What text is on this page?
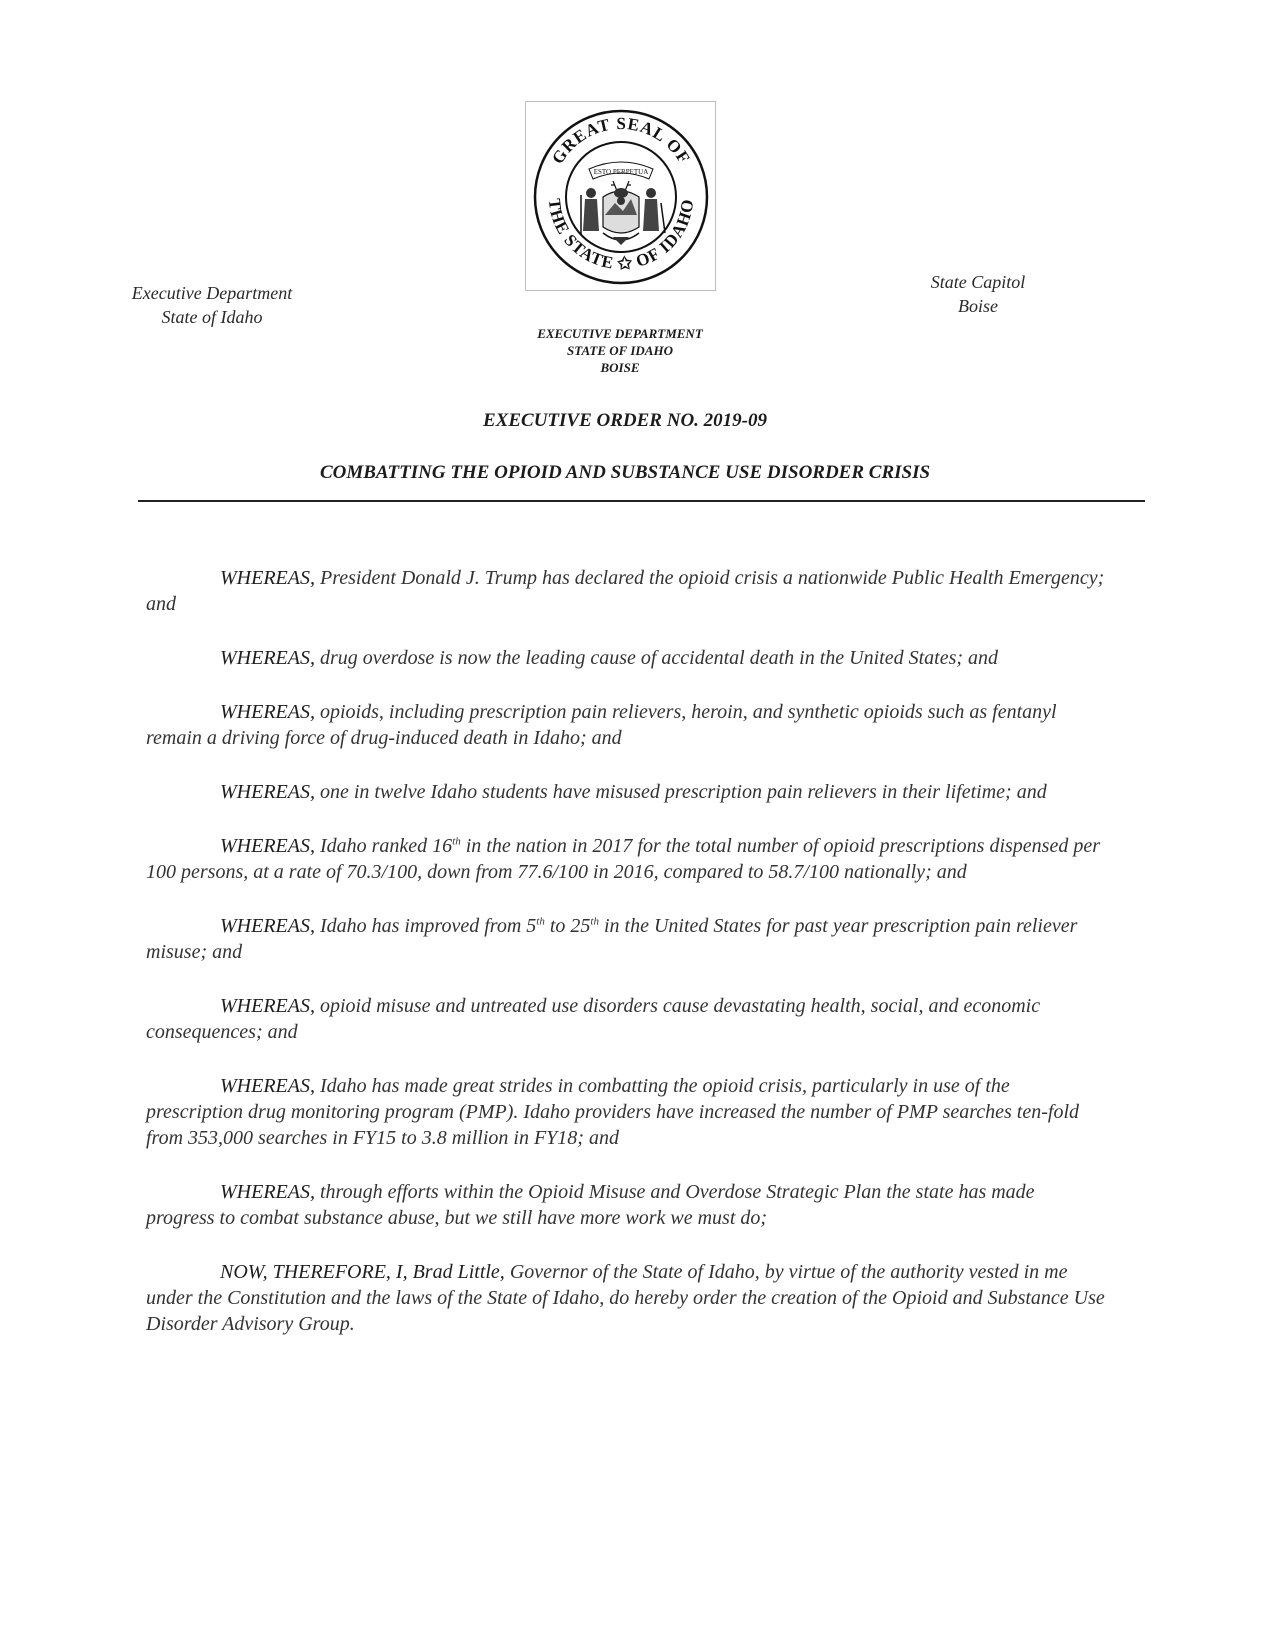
Executive Department
State of Idaho
GREAT SEAL OF
THE STATE ✩ OF IDAHO
ESTO PERPETUA
State Capitol
Boise
EXECUTIVE DEPARTMENT
STATE OF IDAHO
BOISE
EXECUTIVE ORDER NO. 2019-09
COMBATTING THE OPIOID AND SUBSTANCE USE DISORDER CRISIS

WHEREAS, President Donald J. Trump has declared the opioid crisis a nationwide Public Health Emergency; and

WHEREAS, drug overdose is now the leading cause of accidental death in the United States; and

WHEREAS, opioids, including prescription pain relievers, heroin, and synthetic opioids such as fentanyl remain a driving force of drug-induced death in Idaho; and

WHEREAS, one in twelve Idaho students have misused prescription pain relievers in their lifetime; and

WHEREAS, Idaho ranked 16th in the nation in 2017 for the total number of opioid prescriptions dispensed per 100 persons, at a rate of 70.3/100, down from 77.6/100 in 2016, compared to 58.7/100 nationally; and

WHEREAS, Idaho has improved from 5th to 25th in the United States for past year prescription pain reliever misuse; and

WHEREAS, opioid misuse and untreated use disorders cause devastating health, social, and economic consequences; and

WHEREAS, Idaho has made great strides in combatting the opioid crisis, particularly in use of the prescription drug monitoring program (PMP). Idaho providers have increased the number of PMP searches ten-fold from 353,000 searches in FY15 to 3.8 million in FY18; and

WHEREAS, through efforts within the Opioid Misuse and Overdose Strategic Plan the state has made progress to combat substance abuse, but we still have more work we must do;

NOW, THEREFORE, I, Brad Little, Governor of the State of Idaho, by virtue of the authority vested in me under the Constitution and the laws of the State of Idaho, do hereby order the creation of the Opioid and Substance Use Disorder Advisory Group.
